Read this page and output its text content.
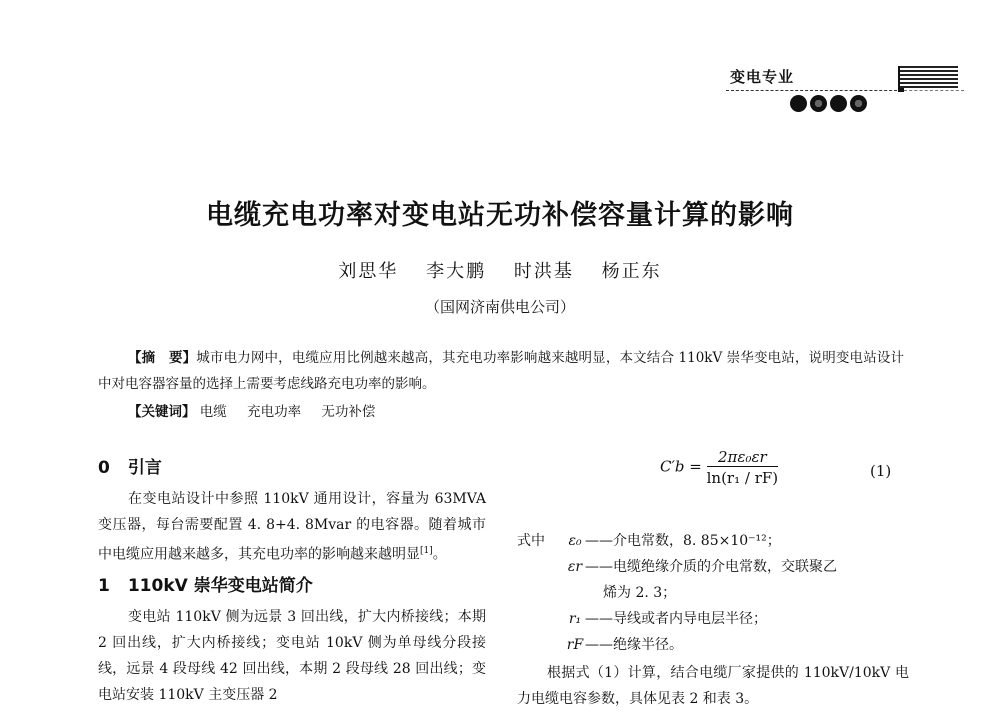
变电专业
电缆充电功率对变电站无功补偿容量计算的影响
刘思华 李大鹏 时洪基 杨正东
（国网济南供电公司）
【摘　要】城市电力网中，电缆应用比例越来越高，其充电功率影响越来越明显，本文结合 110kV 崇华变电站，说明变电站设计中对电容器容量的选择上需要考虑线路充电功率的影响。
【关键词】 电缆 充电功率 无功补偿
0 引言

在变电站设计中参照 110kV 通用设计，容量为 63MVA 变压器，每台需要配置 4. 8+4. 8Mvar 的电容器。随着城市中电缆应用越来越多，其充电功率的影响越来越明显[1]。

1 110kV 崇华变电站简介

变电站 110kV 侧为远景 3 回出线，扩大内桥接线；本期 2 回出线，扩大内桥接线；变电站 10kV 侧为单母线分段接线，远景 4 段母线 42 回出线，本期 2 段母线 28 回出线；变电站安装 110kV 主变压器 2

$C'b = \frac{\text{2πε₀εr}}{\text{ln(r₁ / rF)}}$	(1)
式中	ε₀ ——介电常数，8. 85×10⁻¹²；
εr ——电缆绝缘介质的介电常数，交联聚乙
烯为 2. 3；
r₁ ——导线或者内导电层半径；
rF ——绝缘半径。
根据式（1）计算，结合电缆厂家提供的 110kV/10kV 电力电缆电容参数，具体见表 2 和表 3。
